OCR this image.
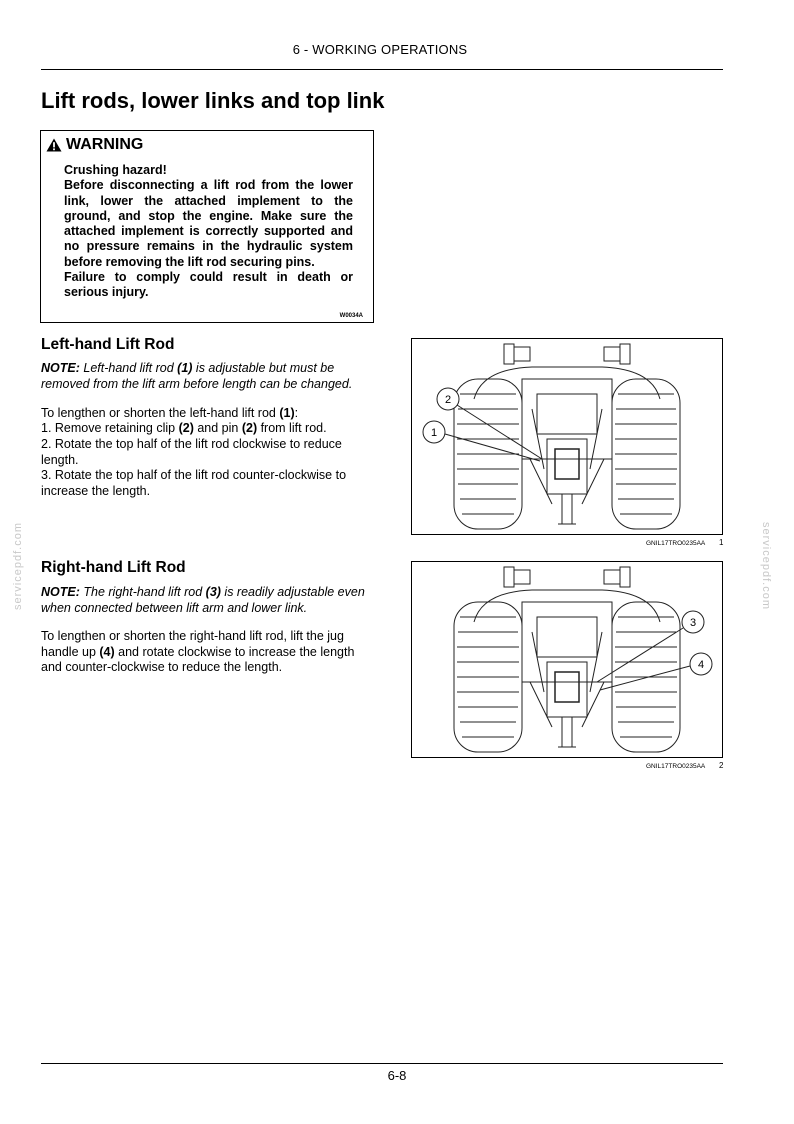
6 - WORKING OPERATIONS
Lift rods, lower links and top link
WARNING

Crushing hazard!

Before disconnecting a lift rod from the lower link, lower the attached implement to the ground, and stop the engine. Make sure the attached implement is correctly supported and no pressure remains in the hydraulic system before removing the lift rod securing pins.

Failure to comply could result in death or serious injury.

W0034A
Left-hand Lift Rod

NOTE: Left-hand lift rod (1) is adjustable but must be removed from the lift arm before length can be changed.

To lengthen or shorten the left-hand lift rod (1):

1. Remove retaining clip (2) and pin (2) from lift rod.

2. Rotate the top half of the lift rod clockwise to reduce length.

3. Rotate the top half of the lift rod counter-clockwise to increase the length.

Right-hand Lift Rod

NOTE: The right-hand lift rod (3) is readily adjustable even when connected between lift arm and lower link.

To lengthen or shorten the right-hand lift rod, lift the jug handle up (4) and rotate clockwise to increase the length and counter-clockwise to reduce the length.

2
1
GNIL17TRO0235AA 1
3
4
GNIL17TRO0235AA 2
servicepdf.com	servicepdf.com
6-8
